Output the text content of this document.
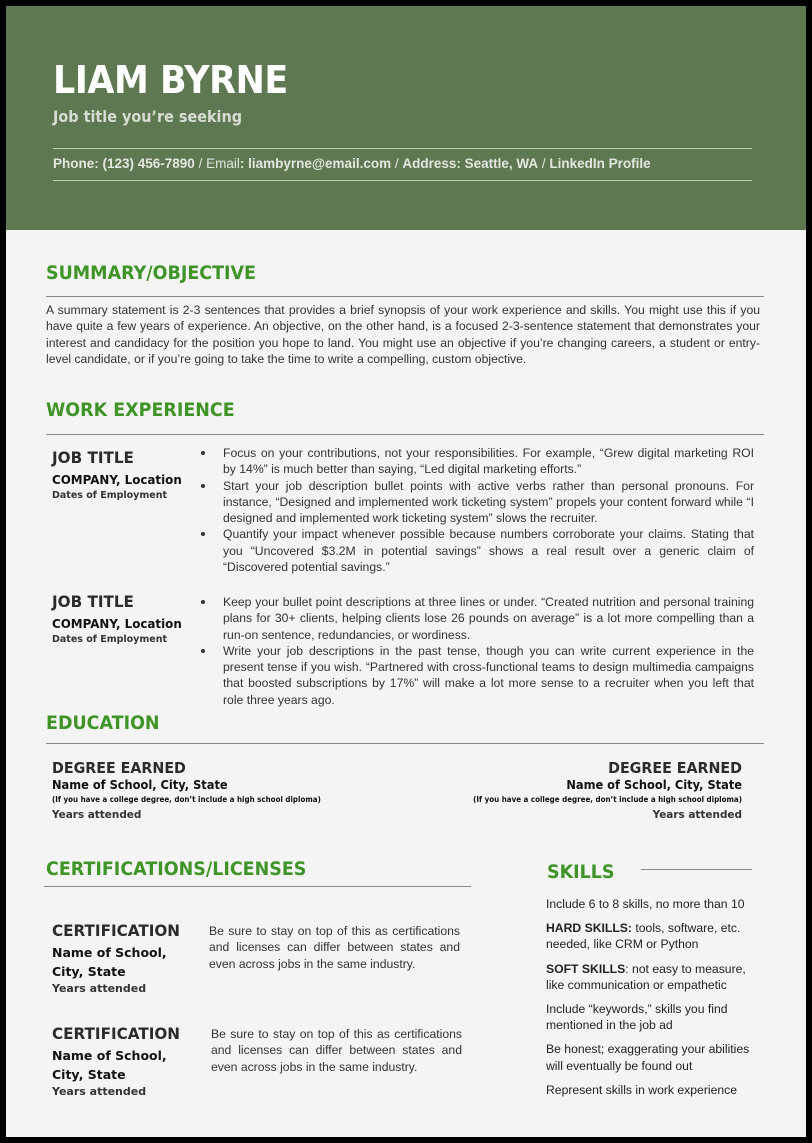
LIAM BYRNE
Job title you’re seeking
Phone: (123) 456-7890 / Email: liambyrne@email.com / Address: Seattle, WA / LinkedIn Profile
SUMMARY/OBJECTIVE
A summary statement is 2-3 sentences that provides a brief synopsis of your work experience and skills. You might use this if you have quite a few years of experience. An objective, on the other hand, is a focused 2-3-sentence statement that demonstrates your interest and candidacy for the position you hope to land. You might use an objective if you’re changing careers, a student or entry-level candidate, or if you’re going to take the time to write a compelling, custom objective.
WORK EXPERIENCE
JOB TITLE
COMPANY, Location
Dates of Employment
Focus on your contributions, not your responsibilities. For example, “Grew digital marketing ROI by 14%” is much better than saying, “Led digital marketing efforts.”
Start your job description bullet points with active verbs rather than personal pronouns. For instance, “Designed and implemented work ticketing system” propels your content forward while “I designed and implemented work ticketing system” slows the recruiter.
Quantify your impact whenever possible because numbers corroborate your claims. Stating that you “Uncovered $3.2M in potential savings” shows a real result over a generic claim of “Discovered potential savings.”
JOB TITLE
COMPANY, Location
Dates of Employment
Keep your bullet point descriptions at three lines or under. “Created nutrition and personal training plans for 30+ clients, helping clients lose 26 pounds on average” is a lot more compelling than a run-on sentence, redundancies, or wordiness.
Write your job descriptions in the past tense, though you can write current experience in the present tense if you wish. “Partnered with cross-functional teams to design multimedia campaigns that boosted subscriptions by 17%” will make a lot more sense to a recruiter when you left that role three years ago.
EDUCATION
DEGREE EARNED
Name of School, City, State
(If you have a college degree, don’t include a high school diploma)
Years attended
DEGREE EARNED
Name of School, City, State
(If you have a college degree, don’t include a high school diploma)
Years attended
CERTIFICATIONS/LICENSES
CERTIFICATION
Name of School, City, State
Years attended
Be sure to stay on top of this as certifications and licenses can differ between states and even across jobs in the same industry.
CERTIFICATION
Name of School, City, State
Years attended
Be sure to stay on top of this as certifications and licenses can differ between states and even across jobs in the same industry.
SKILLS
Include 6 to 8 skills, no more than 10
HARD SKILLS: tools, software, etc. needed, like CRM or Python
SOFT SKILLS: not easy to measure, like communication or empathetic
Include “keywords,” skills you find mentioned in the job ad
Be honest; exaggerating your abilities will eventually be found out
Represent skills in work experience
